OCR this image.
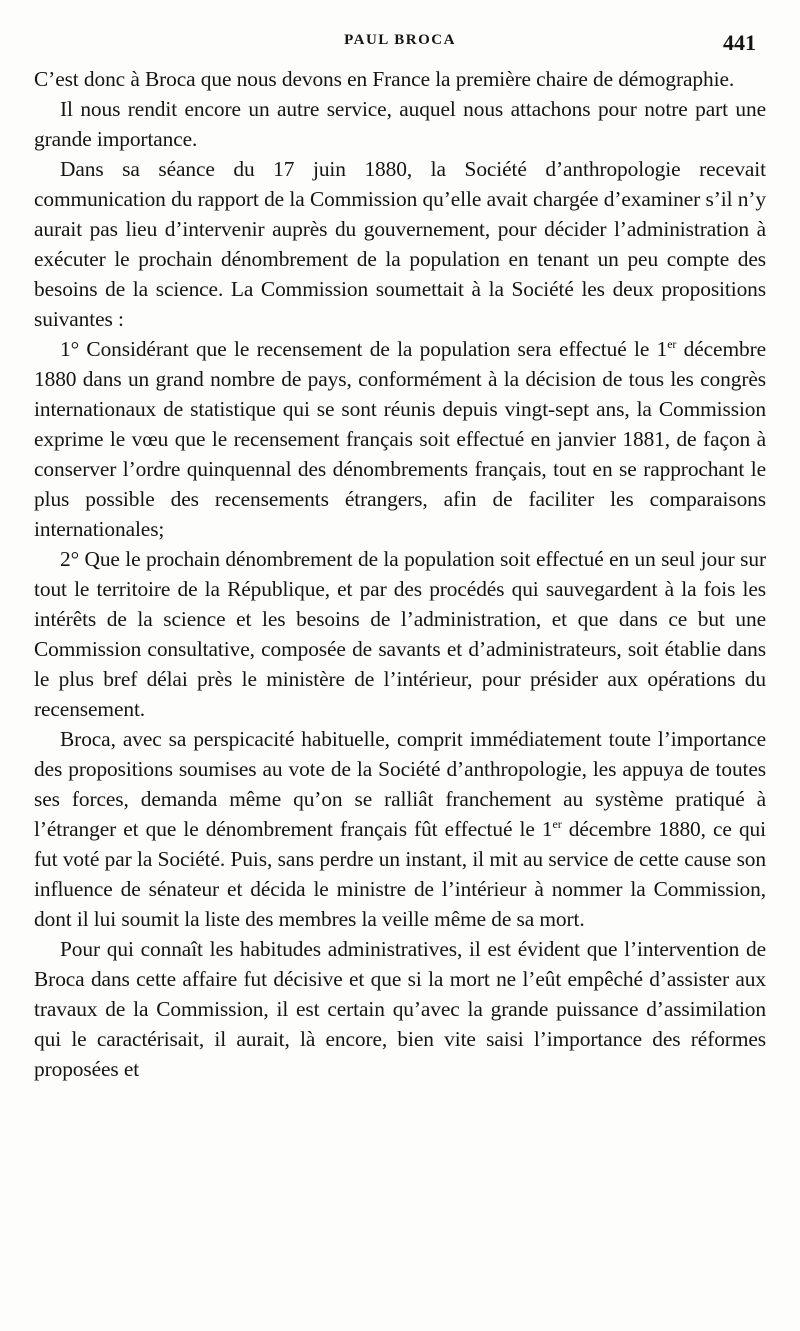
PAUL BROCA	441

C’est donc à Broca que nous devons en France la première chaire de démographie.

Il nous rendit encore un autre service, auquel nous attachons pour notre part une grande importance.

Dans sa séance du 17 juin 1880, la Société d’anthropologie recevait communication du rapport de la Commission qu’elle avait chargée d’examiner s’il n’y aurait pas lieu d’intervenir auprès du gouvernement, pour décider l’administration à exécuter le prochain dénombrement de la population en tenant un peu compte des besoins de la science. La Commission soumettait à la Société les deux propositions suivantes :

1° Considérant que le recensement de la population sera effectué le 1er décembre 1880 dans un grand nombre de pays, conformément à la décision de tous les congrès internationaux de statistique qui se sont réunis depuis vingt-sept ans, la Commission exprime le vœu que le recensement français soit effectué en janvier 1881, de façon à conserver l’ordre quinquennal des dénombrements français, tout en se rapprochant le plus possible des recensements étrangers, afin de faciliter les comparaisons internationales;

2° Que le prochain dénombrement de la population soit effectué en un seul jour sur tout le territoire de la République, et par des procédés qui sauvegardent à la fois les intérêts de la science et les besoins de l’administration, et que dans ce but une Commission consultative, composée de savants et d’administrateurs, soit établie dans le plus bref délai près le ministère de l’intérieur, pour présider aux opérations du recensement.

Broca, avec sa perspicacité habituelle, comprit immédiatement toute l’importance des propositions soumises au vote de la Société d’anthropologie, les appuya de toutes ses forces, demanda même qu’on se ralliât franchement au système pratiqué à l’étranger et que le dénombrement français fût effectué le 1er décembre 1880, ce qui fut voté par la Société. Puis, sans perdre un instant, il mit au service de cette cause son influence de sénateur et décida le ministre de l’intérieur à nommer la Commission, dont il lui soumit la liste des membres la veille même de sa mort.

Pour qui connaît les habitudes administratives, il est évident que l’intervention de Broca dans cette affaire fut décisive et que si la mort ne l’eût empêché d’assister aux travaux de la Commission, il est certain qu’avec la grande puissance d’assimilation qui le caractérisait, il aurait, là encore, bien vite saisi l’importance des réformes proposées et
